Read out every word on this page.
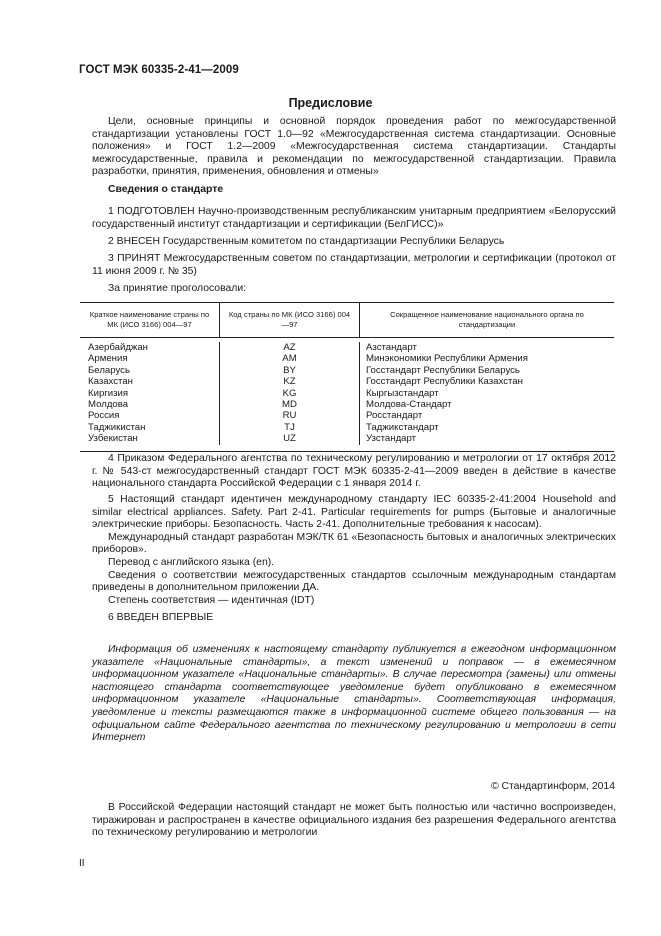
ГОСТ МЭК 60335-2-41—2009
Предисловие

Цели, основные принципы и основной порядок проведения работ по межгосударственной стандартизации установлены ГОСТ 1.0—92 «Межгосударственная система стандартизации. Основные положения» и ГОСТ 1.2—2009 «Межгосударственная система стандартизации. Стандарты межгосударственные, правила и рекомендации по межгосударственной стандартизации. Правила разработки, принятия, применения, обновления и отмены»

Сведения о стандарте

1 ПОДГОТОВЛЕН Научно-производственным республиканским унитарным предприятием «Белорусский государственный институт стандартизации и сертификации (БелГИСС)»

2 ВНЕСЕН Государственным комитетом по стандартизации Республики Беларусь

3 ПРИНЯТ Межгосударственным советом по стандартизации, метрологии и сертификации (протокол от 11 июня 2009 г. № 35)

За принятие проголосовали:

Краткое наименование страны по МК (ИСО 3166) 004—97
Код страны по МК (ИСО 3166) 004—97
Сокращенное наименование национального органа по стандартизации
Азербайджан
Армения
Беларусь
Казахстан
Киргизия
Молдова
Россия
Таджикистан
Узбекистан
AZ
AM
BY
KZ
KG
MD
RU
TJ
UZ
Азстандарт
Минэкономики Республики Армения
Госстандарт Республики Беларусь
Госстандарт Республики Казахстан
Кыргызстандарт
Молдова-Стандарт
Росстандарт
Таджикстандарт
Узстандарт

4 Приказом Федерального агентства по техническому регулированию и метрологии от 17 октября 2012 г. № 543-ст межгосударственный стандарт ГОСТ МЭК 60335-2-41—2009 введен в действие в качестве национального стандарта Российской Федерации с 1 января 2014 г.

5 Настоящий стандарт идентичен международному стандарту IEC 60335-2-41:2004 Household and similar electrical appliances. Safety. Part 2-41. Particular requirements for pumps (Бытовые и аналогичные электрические приборы. Безопасность. Часть 2-41. Дополнительные требования к насосам).

Международный стандарт разработан МЭК/ТК 61 «Безопасность бытовых и аналогичных электрических приборов».

Перевод с английского языка (en).

Сведения о соответствии межгосударственных стандартов ссылочным международным стандартам приведены в дополнительном приложении ДА.

Степень соответствия — идентичная (IDT)

6 ВВЕДЕН ВПЕРВЫЕ

Информация об изменениях к настоящему стандарту публикуется в ежегодном информационном указателе «Национальные стандарты», а текст изменений и поправок — в ежемесячном информационном указателе «Национальные стандарты». В случае пересмотра (замены) или отмены настоящего стандарта соответствующее уведомление будет опубликовано в ежемесячном информационном указателе «Национальные стандарты». Соответствующая информация, уведомление и тексты размещаются также в информационной системе общего пользования — на официальном сайте Федерального агентства по техническому регулированию и метрологии в сети Интернет

© Стандартинформ, 2014

В Российской Федерации настоящий стандарт не может быть полностью или частично воспроизведен, тиражирован и распространен в качестве официального издания без разрешения Федерального агентства по техническому регулированию и метрологии

II
